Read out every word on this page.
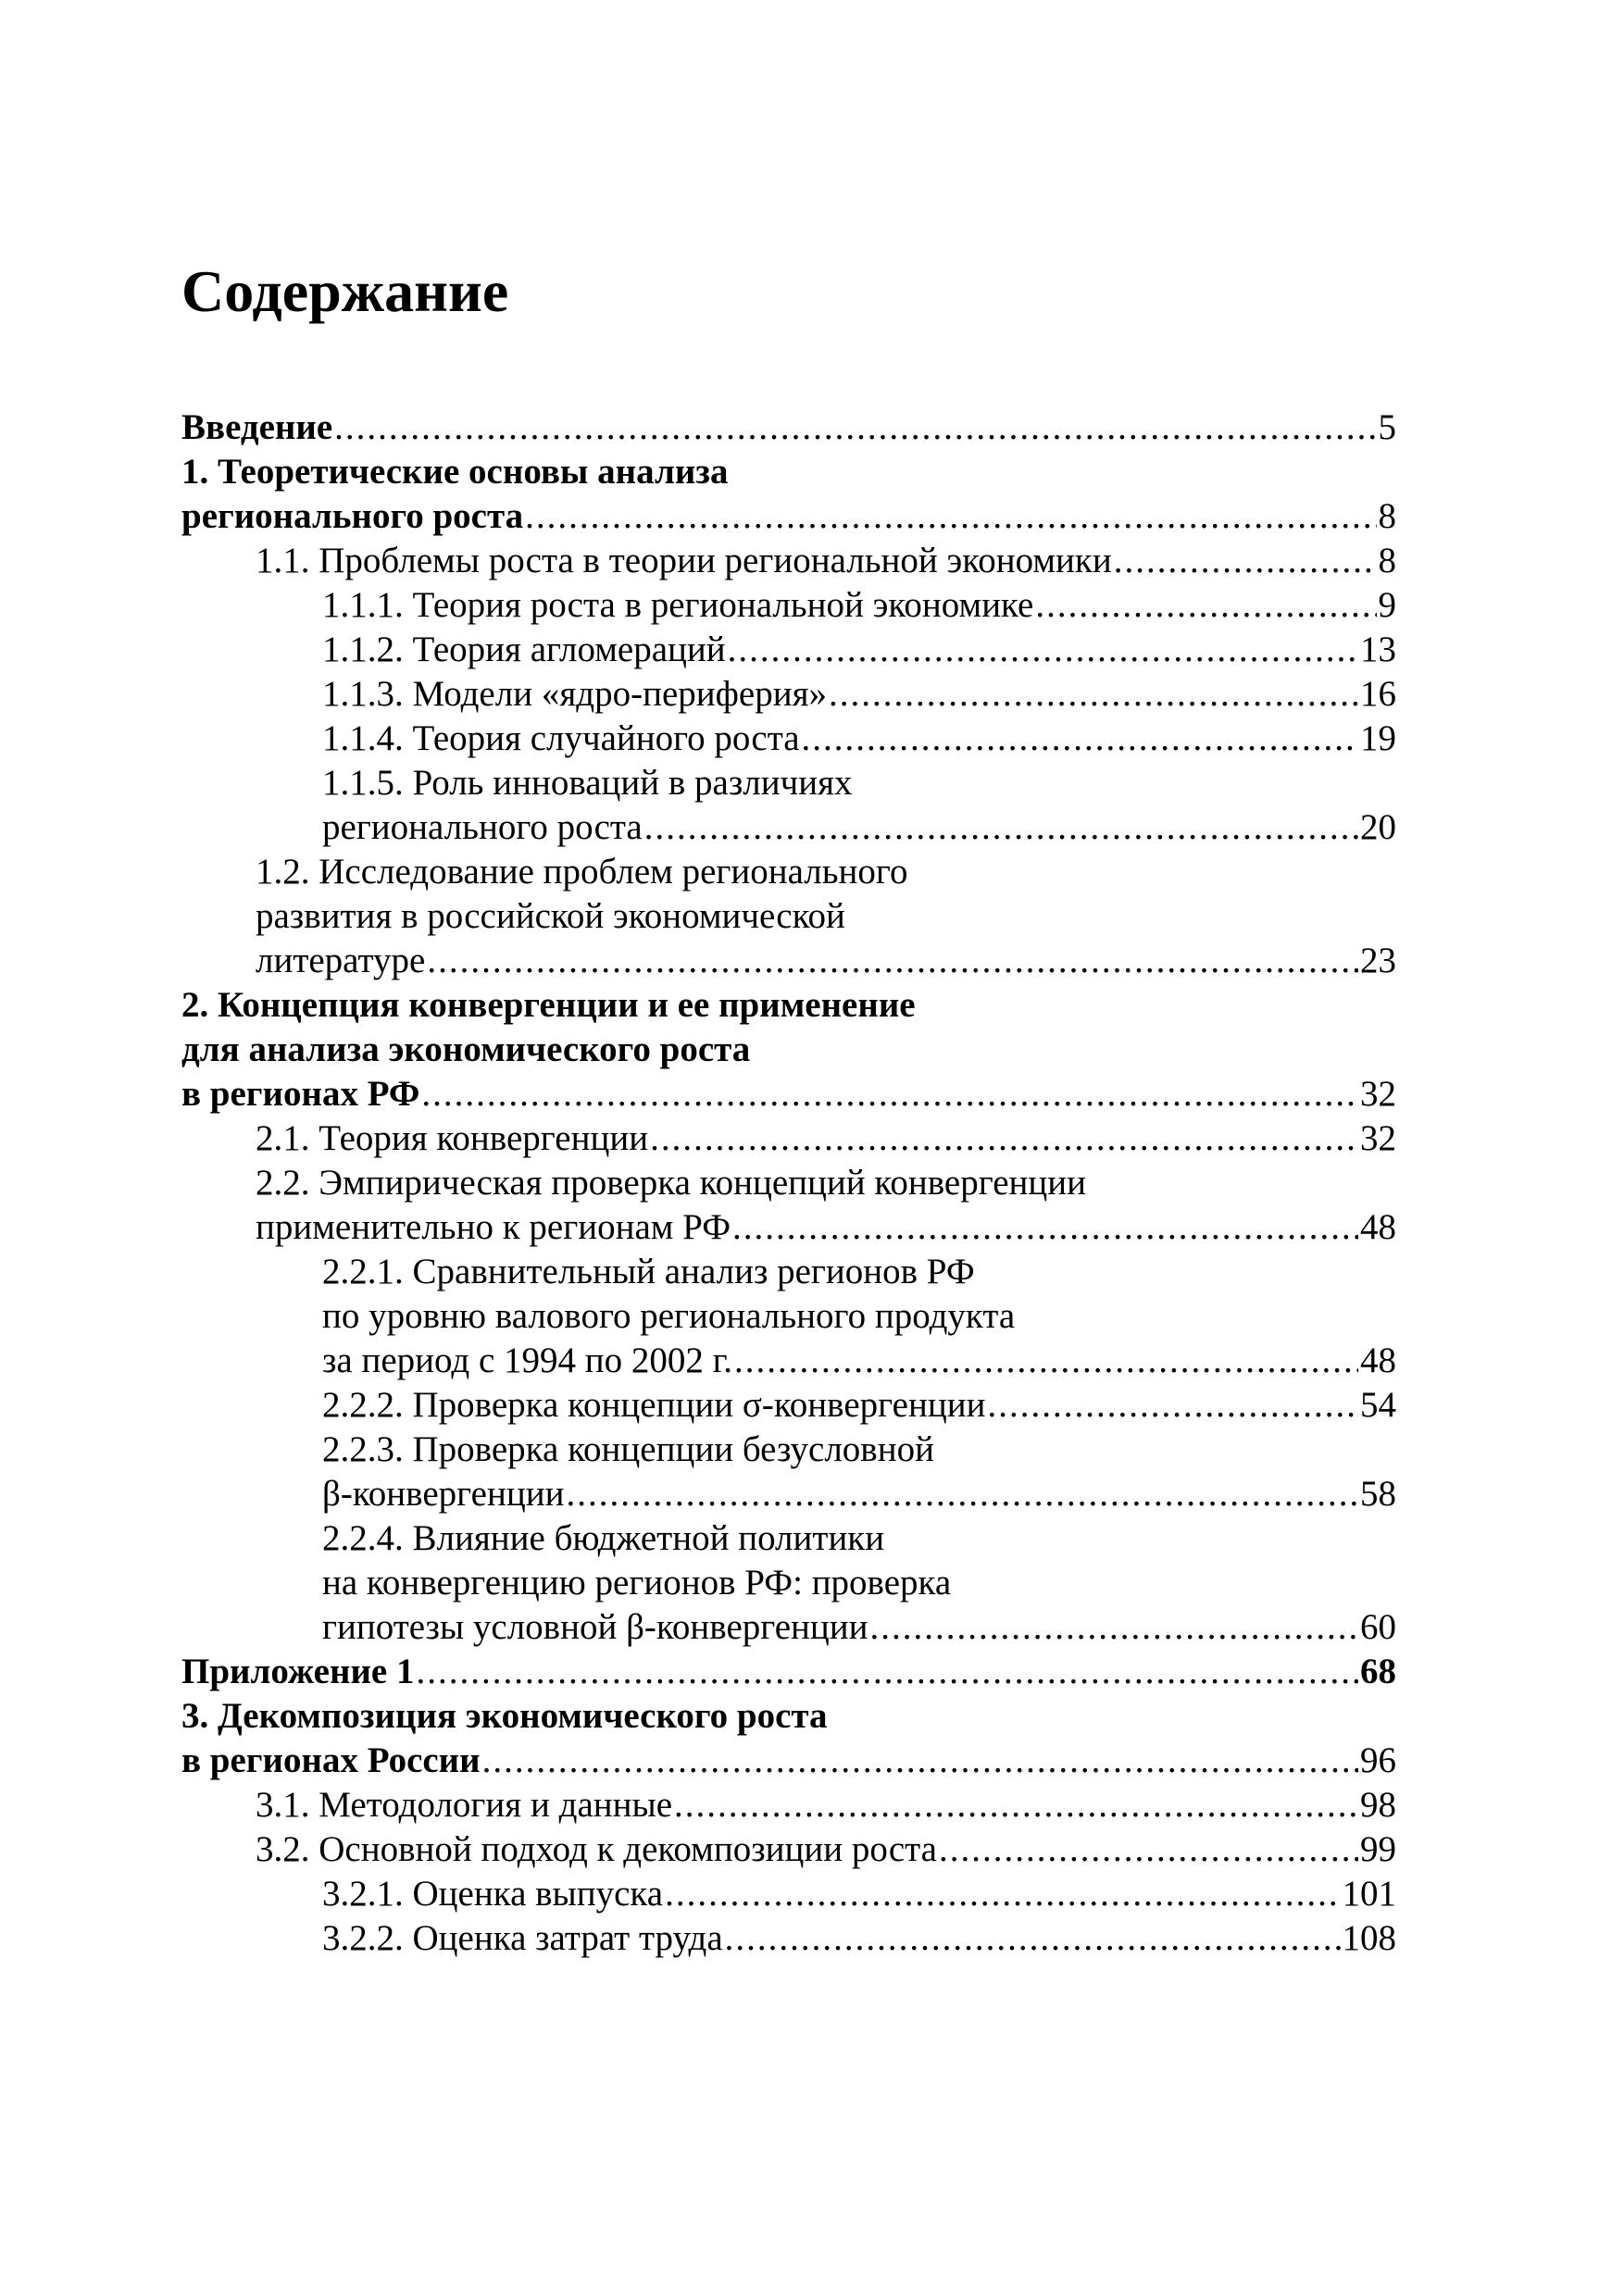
Содержание
Введение .....	5
1. Теоретические основы анализа
регионального роста .....	8
1.1. Проблемы роста в теории региональной экономики .....	8
1.1.1. Теория роста в региональной экономике .....	9
1.1.2. Теория агломераций .....	13
1.1.3. Модели «ядро-периферия» .....	16
1.1.4. Теория случайного роста .....	19
1.1.5. Роль инноваций в различиях
регионального роста .....	20
1.2. Исследование проблем регионального
развития в российской экономической
литературе .....	23
2. Концепция конвергенции и ее применение
для анализа экономического роста
в регионах РФ .....	32
2.1. Теория конвергенции .....	32
2.2. Эмпирическая проверка концепций конвергенции
применительно к регионам РФ .....	48
2.2.1. Сравнительный анализ регионов РФ
по уровню валового регионального продукта
за период с 1994 по 2002 г. .....	48
2.2.2. Проверка концепции σ-конвергенции .....	54
2.2.3. Проверка концепции безусловной
β-конвергенции .....	58
2.2.4. Влияние бюджетной политики
на конвергенцию регионов РФ: проверка
гипотезы условной β-конвергенции .....	60
Приложение 1 .....	68
3. Декомпозиция экономического роста
в регионах России .....	96
3.1. Методология и данные .....	98
3.2. Основной подход к декомпозиции роста .....	99
3.2.1. Оценка выпуска .....	101
3.2.2. Оценка затрат труда .....	108
